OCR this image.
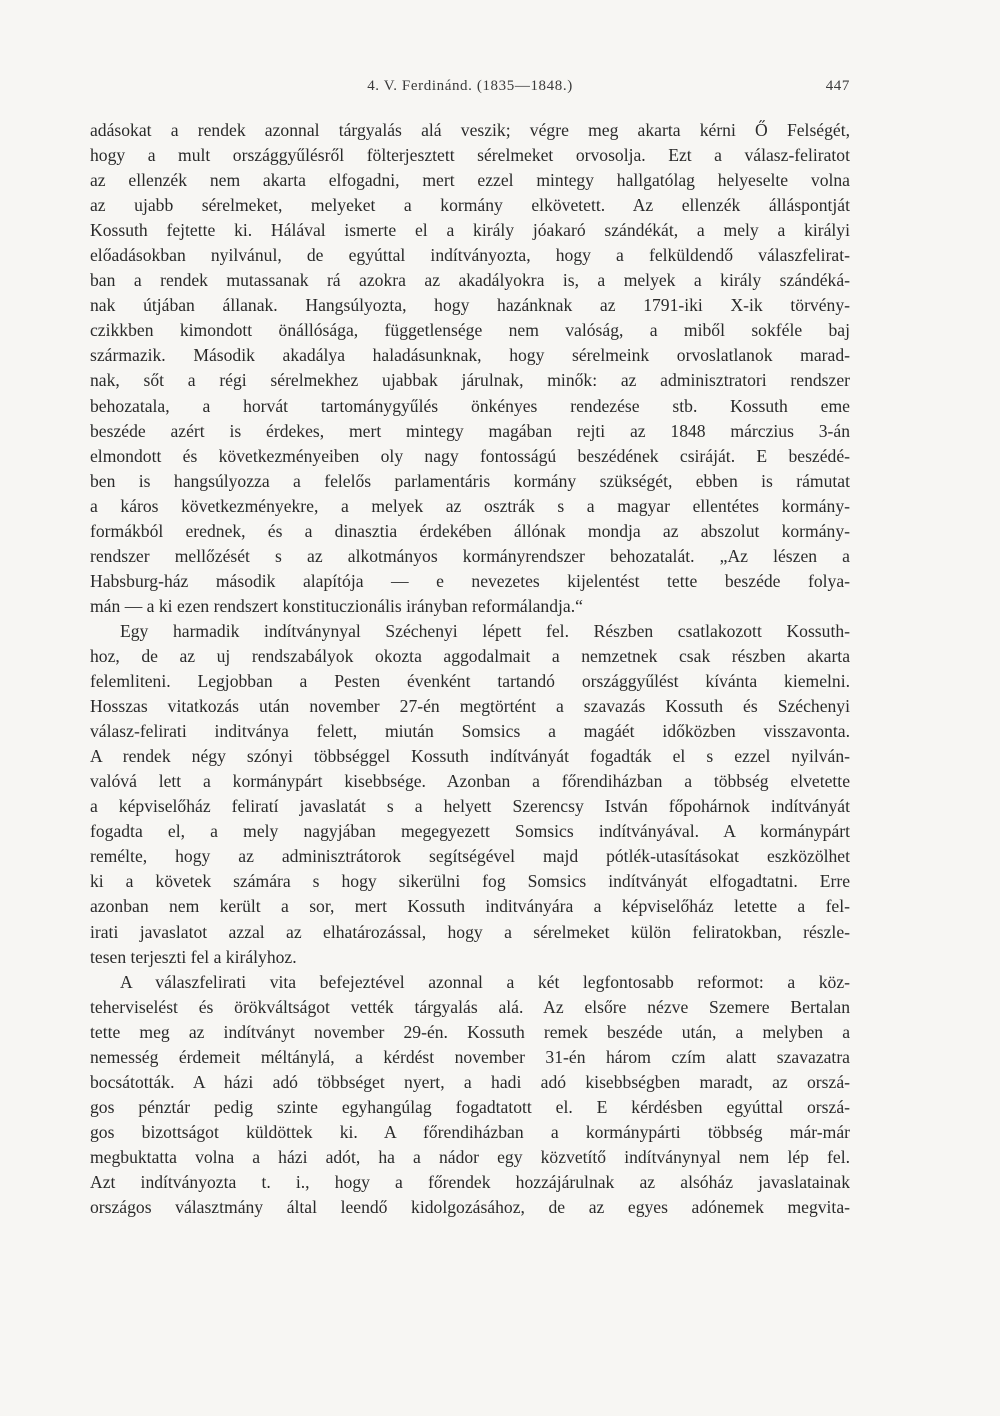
4. V. Ferdinánd. (1835—1848.)	447
adásokat a rendek azonnal tárgyalás alá veszik; végre meg akarta kérni Ő Felségét,
hogy a mult országgyűlésről fölterjesztett sérelmeket orvosolja. Ezt a válasz-feliratot
az ellenzék nem akarta elfogadni, mert ezzel mintegy hallgatólag helyeselte volna
az ujabb sérelmeket, melyeket a kormány elkövetett. Az ellenzék álláspontját
Kossuth fejtette ki. Hálával ismerte el a király jóakaró szándékát, a mely a királyi
előadásokban nyilvánul, de egyúttal indítványozta, hogy a felküldendő válaszfelirat-
ban a rendek mutassanak rá azokra az akadályokra is, a melyek a király szándéká-
nak útjában állanak. Hangsúlyozta, hogy hazánknak az 1791-iki X-ik törvény-
czikkben kimondott önállósága, függetlensége nem valóság, a miből sokféle baj
származik. Második akadálya haladásunknak, hogy sérelmeink orvoslatlanok marad-
nak, sőt a régi sérelmekhez ujabbak járulnak, minők: az adminisztratori rendszer
behozatala, a horvát tartománygyűlés önkényes rendezése stb. Kossuth eme
beszéde azért is érdekes, mert mintegy magában rejti az 1848 márczius 3-án
elmondott és következményeiben oly nagy fontosságú beszédének csiráját. E beszédé-
ben is hangsúlyozza a felelős parlamentáris kormány szükségét, ebben is rámutat
a káros következményekre, a melyek az osztrák s a magyar ellentétes kormány-
formákból erednek, és a dinasztia érdekében állónak mondja az abszolut kormány-
rendszer mellőzését s az alkotmányos kormányrendszer behozatalát. „Az lészen a
Habsburg-ház második alapítója — e nevezetes kijelentést tette beszéde folya-
mán — a ki ezen rendszert konstituczionális irányban reformálandja.“
Egy harmadik indítványnyal Széchenyi lépett fel. Részben csatlakozott Kossuth-
hoz, de az uj rendszabályok okozta aggodalmait a nemzetnek csak részben akarta
felemliteni. Legjobban a Pesten évenként tartandó országgyűlést kívánta kiemelni.
Hosszas vitatkozás után november 27-én megtörtént a szavazás Kossuth és Széchenyi
válasz-felirati inditványa felett, miután Somsics a magáét időközben visszavonta.
A rendek négy szónyi többséggel Kossuth indítványát fogadták el s ezzel nyilván-
valóvá lett a kormánypárt kisebbsége. Azonban a főrendiházban a többség elvetette
a képviselőház feliratí javaslatát s a helyett Szerencsy István főpohárnok indítványát
fogadta el, a mely nagyjában megegyezett Somsics indítványával. A kormánypárt
remélte, hogy az adminisztrátorok segítségével majd pótlék-utasításokat eszközölhet
ki a követek számára s hogy sikerülni fog Somsics indítványát elfogadtatni. Erre
azonban nem került a sor, mert Kossuth inditványára a képviselőház letette a fel-
irati javaslatot azzal az elhatározással, hogy a sérelmeket külön feliratokban, részle-
tesen terjeszti fel a királyhoz.
A válaszfelirati vita befejeztével azonnal a két legfontosabb reformot: a köz-
teherviselést és örökváltságot vették tárgyalás alá. Az elsőre nézve Szemere Bertalan
tette meg az indítványt november 29-én. Kossuth remek beszéde után, a melyben a
nemesség érdemeit méltánylá, a kérdést november 31-én három czím alatt szavazatra
bocsátották. A házi adó többséget nyert, a hadi adó kisebbségben maradt, az orszá-
gos pénztár pedig szinte egyhangúlag fogadtatott el. E kérdésben egyúttal orszá-
gos bizottságot küldöttek ki. A főrendiházban a kormánypárti többség már-már
megbuktatta volna a házi adót, ha a nádor egy közvetítő indítványnyal nem lép fel.
Azt indítványozta t. i., hogy a főrendek hozzájárulnak az alsóház javaslatainak
országos választmány által leendő kidolgozásához, de az egyes adónemek megvita-
